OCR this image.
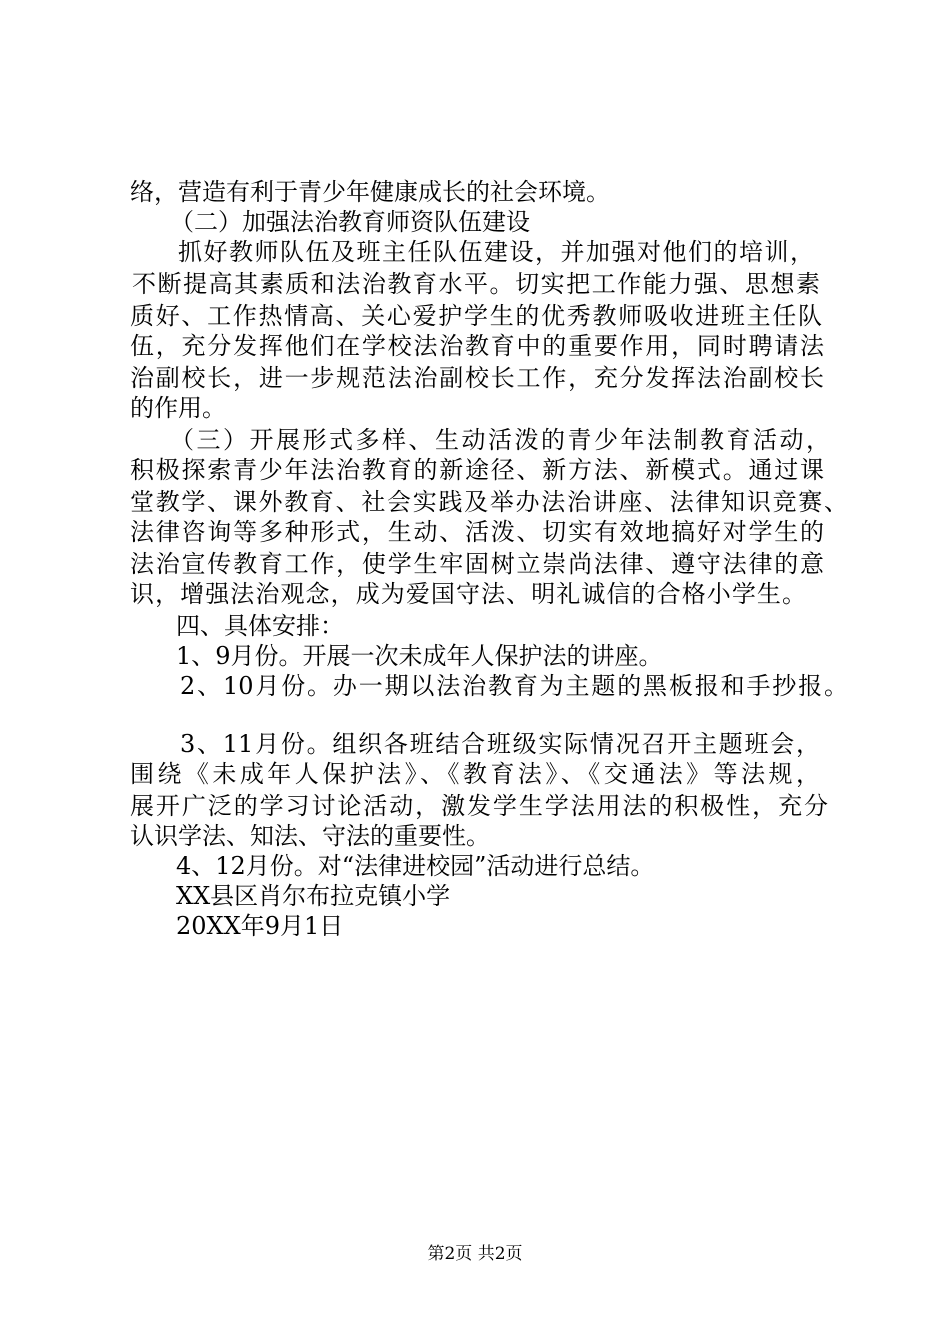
络，营造有利于青少年健康成长的社会环境。
（二）加强法治教育师资队伍建设
抓好教师队伍及班主任队伍建设，并加强对他们的培训，
不断提高其素质和法治教育水平。切实把工作能力强、思想素
质好、工作热情高、关心爱护学生的优秀教师吸收进班主任队
伍，充分发挥他们在学校法治教育中的重要作用，同时聘请法
治副校长，进一步规范法治副校长工作，充分发挥法治副校长
的作用。
（三）开展形式多样、生动活泼的青少年法制教育活动，
积极探索青少年法治教育的新途径、新方法、新模式。通过课
堂教学、课外教育、社会实践及举办法治讲座、法律知识竞赛、
法律咨询等多种形式，生动、活泼、切实有效地搞好对学生的
法治宣传教育工作，使学生牢固树立崇尚法律、遵守法律的意
识，增强法治观念，成为爱国守法、明礼诚信的合格小学生。
四、具体安排：
1、9月份。开展一次未成年人保护法的讲座。
2、10月份。办一期以法治教育为主题的黑板报和手抄报。
3、11月份。组织各班结合班级实际情况召开主题班会，
围绕《未成年人保护法》、《教育法》、《交通法》等法规，
展开广泛的学习讨论活动，激发学生学法用法的积极性，充分
认识学法、知法、守法的重要性。
4、12月份。对“法律进校园”活动进行总结。
XX县区肖尔布拉克镇小学
20XX年9月1日
第2页 共2页
